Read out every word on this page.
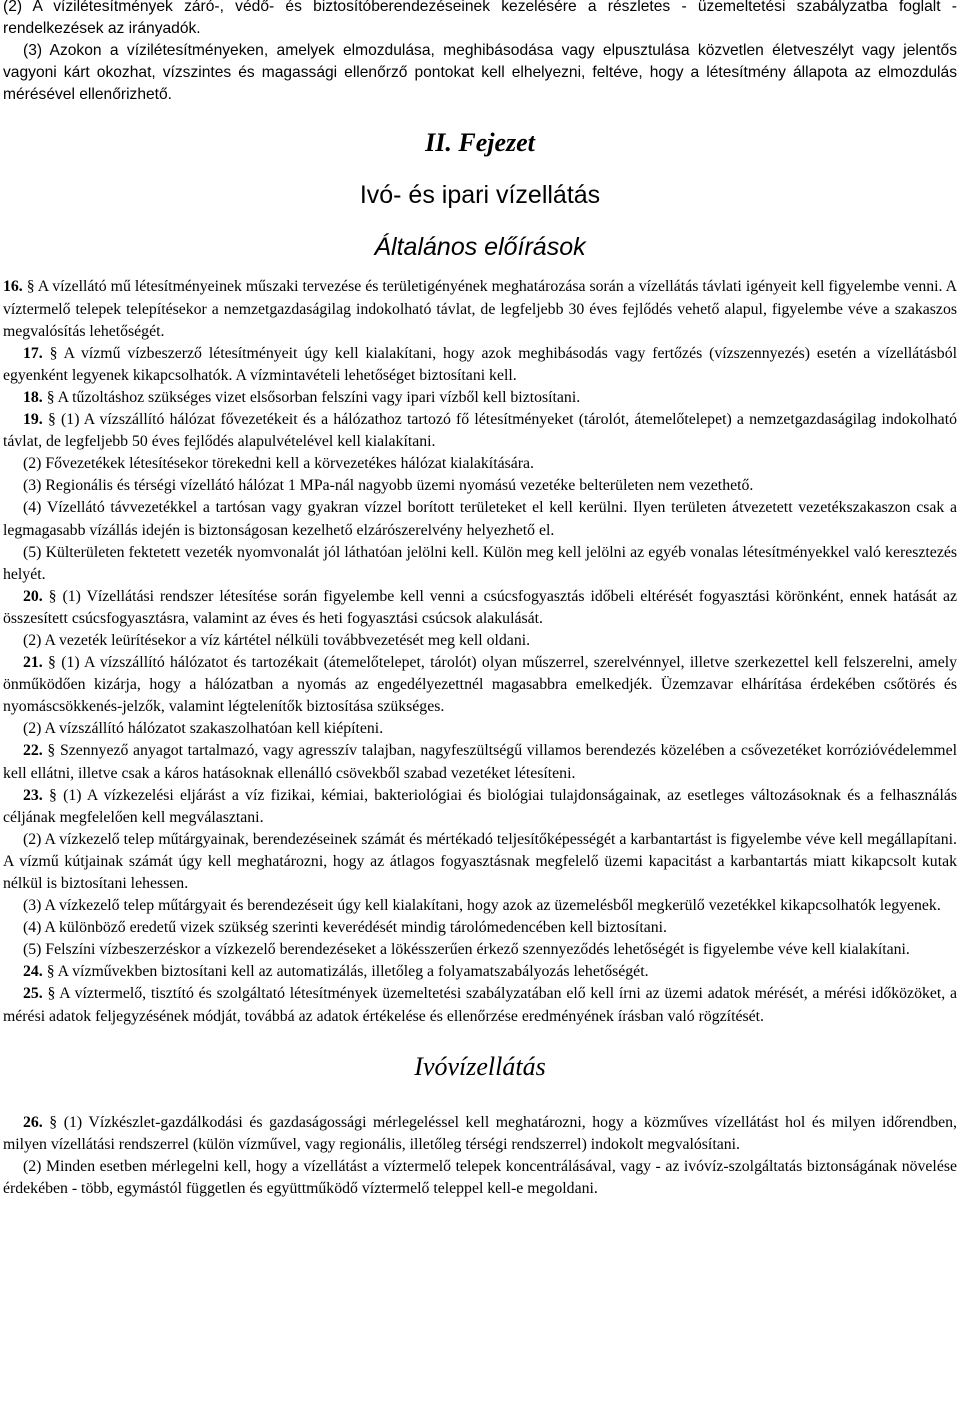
(2) A vízilétesítmények záró-, védő- és biztosítóberendezéseinek kezelésére a részletes - üzemeltetési szabályzatba foglalt - rendelkezések az irányadók.

(3) Azokon a vízilétesítményeken, amelyek elmozdulása, meghibásodása vagy elpusztulása közvetlen életveszélyt vagy jelentős vagyoni kárt okozhat, vízszintes és magassági ellenőrző pontokat kell elhelyezni, feltéve, hogy a létesítmény állapota az elmozdulás mérésével ellenőrizhető.

II. Fejezet
Ivó- és ipari vízellátás
Általános előírások

16. § A vízellátó mű létesítményeinek műszaki tervezése és területigényének meghatározása során a vízellátás távlati igényeit kell figyelembe venni. A víztermelő telepek telepítésekor a nemzetgazdaságilag indokolható távlat, de legfeljebb 30 éves fejlődés vehető alapul, figyelembe véve a szakaszos megvalósítás lehetőségét.

17. § A vízmű vízbeszerző létesítményeit úgy kell kialakítani, hogy azok meghibásodás vagy fertőzés (vízszennyezés) esetén a vízellátásból egyenként legyenek kikapcsolhatók. A vízmintavételi lehetőséget biztosítani kell.

18. § A tűzoltáshoz szükséges vizet elsősorban felszíni vagy ipari vízből kell biztosítani.

19. § (1) A vízszállító hálózat fővezetékeit és a hálózathoz tartozó fő létesítményeket (tárolót, átemelőtelepet) a nemzetgazdaságilag indokolható távlat, de legfeljebb 50 éves fejlődés alapulvételével kell kialakítani.

(2) Fővezetékek létesítésekor törekedni kell a körvezetékes hálózat kialakítására.

(3) Regionális és térségi vízellátó hálózat 1 MPa-nál nagyobb üzemi nyomású vezetéke belterületen nem vezethető.

(4) Vízellátó távvezetékkel a tartósan vagy gyakran vízzel borított területeket el kell kerülni. Ilyen területen átvezetett vezetékszakaszon csak a legmagasabb vízállás idején is biztonságosan kezelhető elzárószerelvény helyezhető el.

(5) Külterületen fektetett vezeték nyomvonalát jól láthatóan jelölni kell. Külön meg kell jelölni az egyéb vonalas létesítményekkel való keresztezés helyét.

20. § (1) Vízellátási rendszer létesítése során figyelembe kell venni a csúcsfogyasztás időbeli eltérését fogyasztási körönként, ennek hatását az összesített csúcsfogyasztásra, valamint az éves és heti fogyasztási csúcsok alakulását.

(2) A vezeték leürítésekor a víz kártétel nélküli továbbvezetését meg kell oldani.

21. § (1) A vízszállító hálózatot és tartozékait (átemelőtelepet, tárolót) olyan műszerrel, szerelvénnyel, illetve szerkezettel kell felszerelni, amely önműködően kizárja, hogy a hálózatban a nyomás az engedélyezettnél magasabbra emelkedjék. Üzemzavar elhárítása érdekében csőtörés és nyomáscsökkenés-jelzők, valamint légtelenítők biztosítása szükséges.

(2) A vízszállító hálózatot szakaszolhatóan kell kiépíteni.

22. § Szennyező anyagot tartalmazó, vagy agresszív talajban, nagyfeszültségű villamos berendezés közelében a csővezetéket korrózióvédelemmel kell ellátni, illetve csak a káros hatásoknak ellenálló csövekből szabad vezetéket létesíteni.

23. § (1) A vízkezelési eljárást a víz fizikai, kémiai, bakteriológiai és biológiai tulajdonságainak, az esetleges változásoknak és a felhasználás céljának megfelelően kell megválasztani.

(2) A vízkezelő telep műtárgyainak, berendezéseinek számát és mértékadó teljesítőképességét a karbantartást is figyelembe véve kell megállapítani. A vízmű kútjainak számát úgy kell meghatározni, hogy az átlagos fogyasztásnak megfelelő üzemi kapacitást a karbantartás miatt kikapcsolt kutak nélkül is biztosítani lehessen.

(3) A vízkezelő telep műtárgyait és berendezéseit úgy kell kialakítani, hogy azok az üzemelésből megkerülő vezetékkel kikapcsolhatók legyenek.

(4) A különböző eredetű vizek szükség szerinti keverédését mindig tárolómedencében kell biztosítani.

(5) Felszíni vízbeszerzéskor a vízkezelő berendezéseket a lökésszerűen érkező szennyeződés lehetőségét is figyelembe véve kell kialakítani.

24. § A vízművekben biztosítani kell az automatizálás, illetőleg a folyamatszabályozás lehetőségét.

25. § A víztermelő, tisztító és szolgáltató létesítmények üzemeltetési szabályzatában elő kell írni az üzemi adatok mérését, a mérési időközöket, a mérési adatok feljegyzésének módját, továbbá az adatok értékelése és ellenőrzése eredményének írásban való rögzítését.

Ivóvízellátás

26. § (1) Vízkészlet-gazdálkodási és gazdaságossági mérlegeléssel kell meghatározni, hogy a közműves vízellátást hol és milyen időrendben, milyen vízellátási rendszerrel (külön vízművel, vagy regionális, illetőleg térségi rendszerrel) indokolt megvalósítani.

(2) Minden esetben mérlegelni kell, hogy a vízellátást a víztermelő telepek koncentrálásával, vagy - az ivóvíz-szolgáltatás biztonságának növelése érdekében - több, egymástól független és együttműködő víztermelő teleppel kell-e megoldani.
